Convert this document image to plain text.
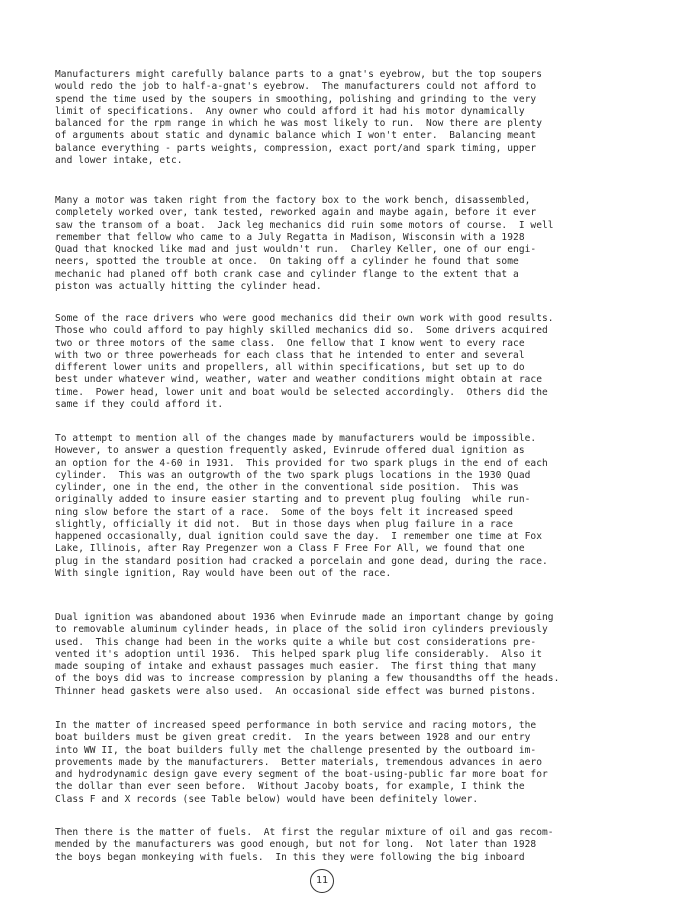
Manufacturers might carefully balance parts to a gnat's eyebrow, but the top soupers
would redo the job to half-a-gnat's eyebrow.  The manufacturers could not afford to
spend the time used by the soupers in smoothing, polishing and grinding to the very
limit of specifications.  Any owner who could afford it had his motor dynamically
balanced for the rpm range in which he was most likely to run.  Now there are plenty
of arguments about static and dynamic balance which I won't enter.  Balancing meant
balance everything - parts weights, compression, exact port/and spark timing, upper
and lower intake, etc.
Many a motor was taken right from the factory box to the work bench, disassembled,
completely worked over, tank tested, reworked again and maybe again, before it ever
saw the transom of a boat.  Jack leg mechanics did ruin some motors of course.  I well
remember that fellow who came to a July Regatta in Madison, Wisconsin with a 1928
Quad that knocked like mad and just wouldn't run.  Charley Keller, one of our engi-
neers, spotted the trouble at once.  On taking off a cylinder he found that some
mechanic had planed off both crank case and cylinder flange to the extent that a
piston was actually hitting the cylinder head.
Some of the race drivers who were good mechanics did their own work with good results.
Those who could afford to pay highly skilled mechanics did so.  Some drivers acquired
two or three motors of the same class.  One fellow that I know went to every race
with two or three powerheads for each class that he intended to enter and several
different lower units and propellers, all within specifications, but set up to do
best under whatever wind, weather, water and weather conditions might obtain at race
time.  Power head, lower unit and boat would be selected accordingly.  Others did the
same if they could afford it.
To attempt to mention all of the changes made by manufacturers would be impossible.
However, to answer a question frequently asked, Evinrude offered dual ignition as
an option for the 4-60 in 1931.  This provided for two spark plugs in the end of each
cylinder.  This was an outgrowth of the two spark plugs locations in the 1930 Quad
cylinder, one in the end, the other in the conventional side position.  This was
originally added to insure easier starting and to prevent plug fouling  while run-
ning slow before the start of a race.  Some of the boys felt it increased speed
slightly, officially it did not.  But in those days when plug failure in a race
happened occasionally, dual ignition could save the day.  I remember one time at Fox
Lake, Illinois, after Ray Pregenzer won a Class F Free For All, we found that one
plug in the standard position had cracked a porcelain and gone dead, during the race.
With single ignition, Ray would have been out of the race.
Dual ignition was abandoned about 1936 when Evinrude made an important change by going
to removable aluminum cylinder heads, in place of the solid iron cylinders previously
used.  This change had been in the works quite a while but cost considerations pre-
vented it's adoption until 1936.  This helped spark plug life considerably.  Also it
made souping of intake and exhaust passages much easier.  The first thing that many
of the boys did was to increase compression by planing a few thousandths off the heads.
Thinner head gaskets were also used.  An occasional side effect was burned pistons.
In the matter of increased speed performance in both service and racing motors, the
boat builders must be given great credit.  In the years between 1928 and our entry
into WW II, the boat builders fully met the challenge presented by the outboard im-
provements made by the manufacturers.  Better materials, tremendous advances in aero
and hydrodynamic design gave every segment of the boat-using-public far more boat for
the dollar than ever seen before.  Without Jacoby boats, for example, I think the
Class F and X records (see Table below) would have been definitely lower.
Then there is the matter of fuels.  At first the regular mixture of oil and gas recom-
mended by the manufacturers was good enough, but not for long.  Not later than 1928
the boys began monkeying with fuels.  In this they were following the big inboard
11
